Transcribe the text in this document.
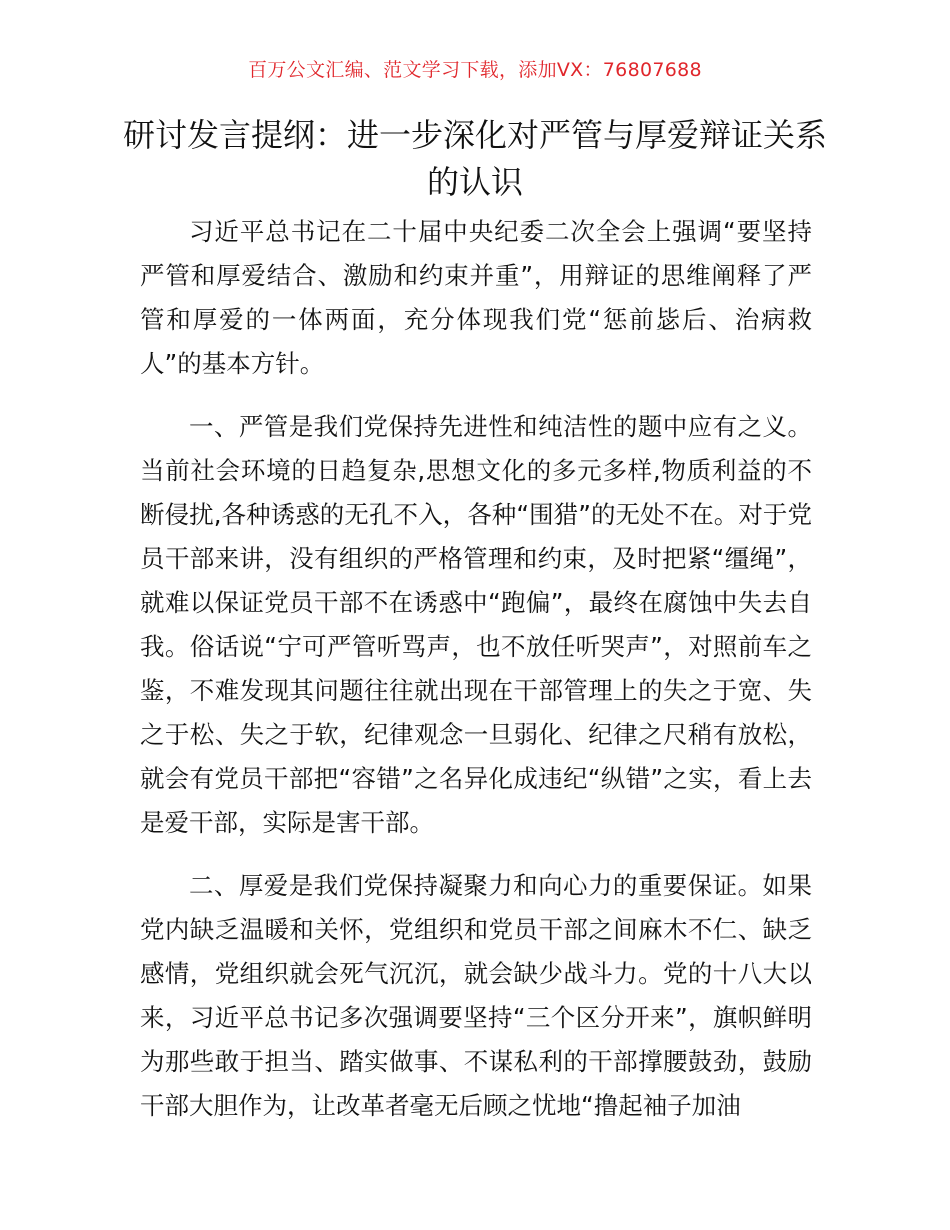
百万公文汇编、范文学习下载，添加VX：76807688
研讨发言提纲：进一步深化对严管与厚爱辩证关系的认识

习近平总书记在二十届中央纪委二次全会上强调“要坚持严管和厚爱结合、激励和约束并重”，用辩证的思维阐释了严管和厚爱的一体两面，充分体现我们党“惩前毖后、治病救人”的基本方针。

一、严管是我们党保持先进性和纯洁性的题中应有之义。当前社会环境的日趋复杂,思想文化的多元多样,物质利益的不断侵扰,各种诱惑的无孔不入，各种“围猎”的无处不在。对于党员干部来讲，没有组织的严格管理和约束，及时把紧“缰绳”，就难以保证党员干部不在诱惑中“跑偏”，最终在腐蚀中失去自我。俗话说“宁可严管听骂声，也不放任听哭声”，对照前车之鉴，不难发现其问题往往就出现在干部管理上的失之于宽、失之于松、失之于软，纪律观念一旦弱化、纪律之尺稍有放松，就会有党员干部把“容错”之名异化成违纪“纵错”之实，看上去是爱干部，实际是害干部。

二、厚爱是我们党保持凝聚力和向心力的重要保证。如果党内缺乏温暖和关怀，党组织和党员干部之间麻木不仁、缺乏感情，党组织就会死气沉沉，就会缺少战斗力。党的十八大以来，习近平总书记多次强调要坚持“三个区分开来”，旗帜鲜明为那些敢于担当、踏实做事、不谋私利的干部撑腰鼓劲，鼓励干部大胆作为，让改革者毫无后顾之忧地“撸起袖子加油
